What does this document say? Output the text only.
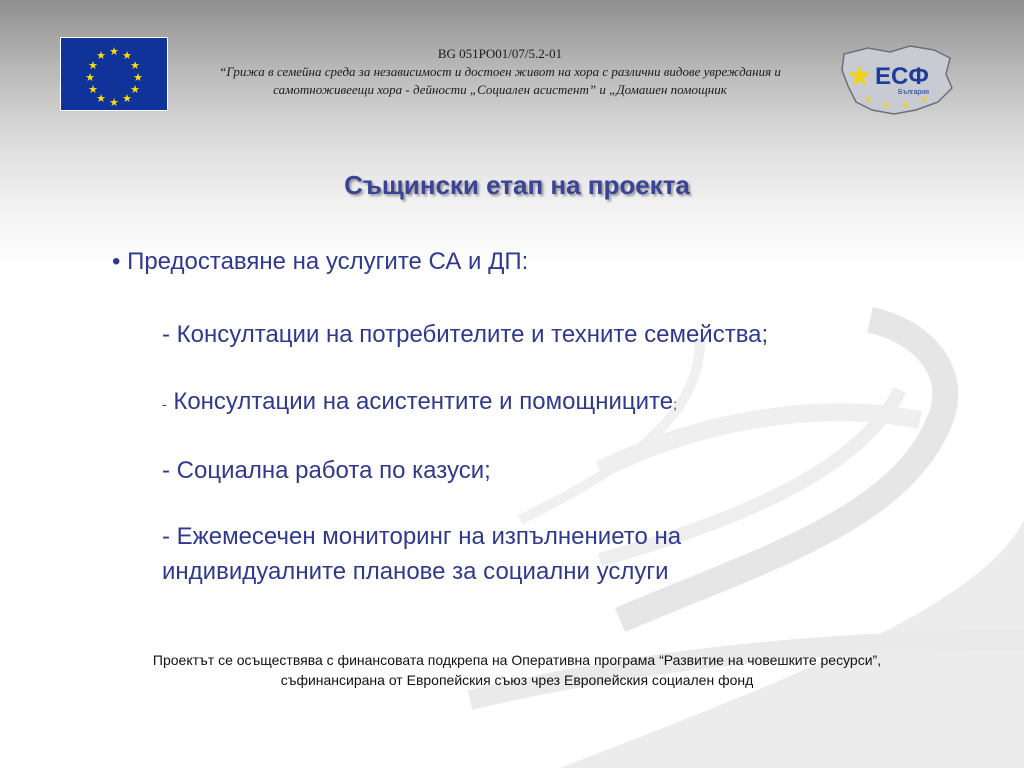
★ ★
★
★
★
★
★
★
★
★
★
★	BG 051PO01/07/5.2-01
“Грижа в семейна среда за независимост и достоен живот на хора с различни видове увреждания и
самотноживеещи хора - дейности „Социален асистент” и „Домашен помощник	★ ЕСФ
България
★
★ ★
★
Същински етап на проекта
• Предоставяне на услугите СА и ДП:
- Консултации на потребителите и техните семейства;
- Консултации на асистентите и помощниците;
- Социална работа по казуси;
- Ежемесечен мониторинг на изпълнението на
индивидуалните планове за социални услуги
Проектът се осъществява с финансовата подкрепа на Оперативна програма “Развитие на човешките ресурси”,
съфинансирана от Европейския съюз чрез Европейския социален фонд
